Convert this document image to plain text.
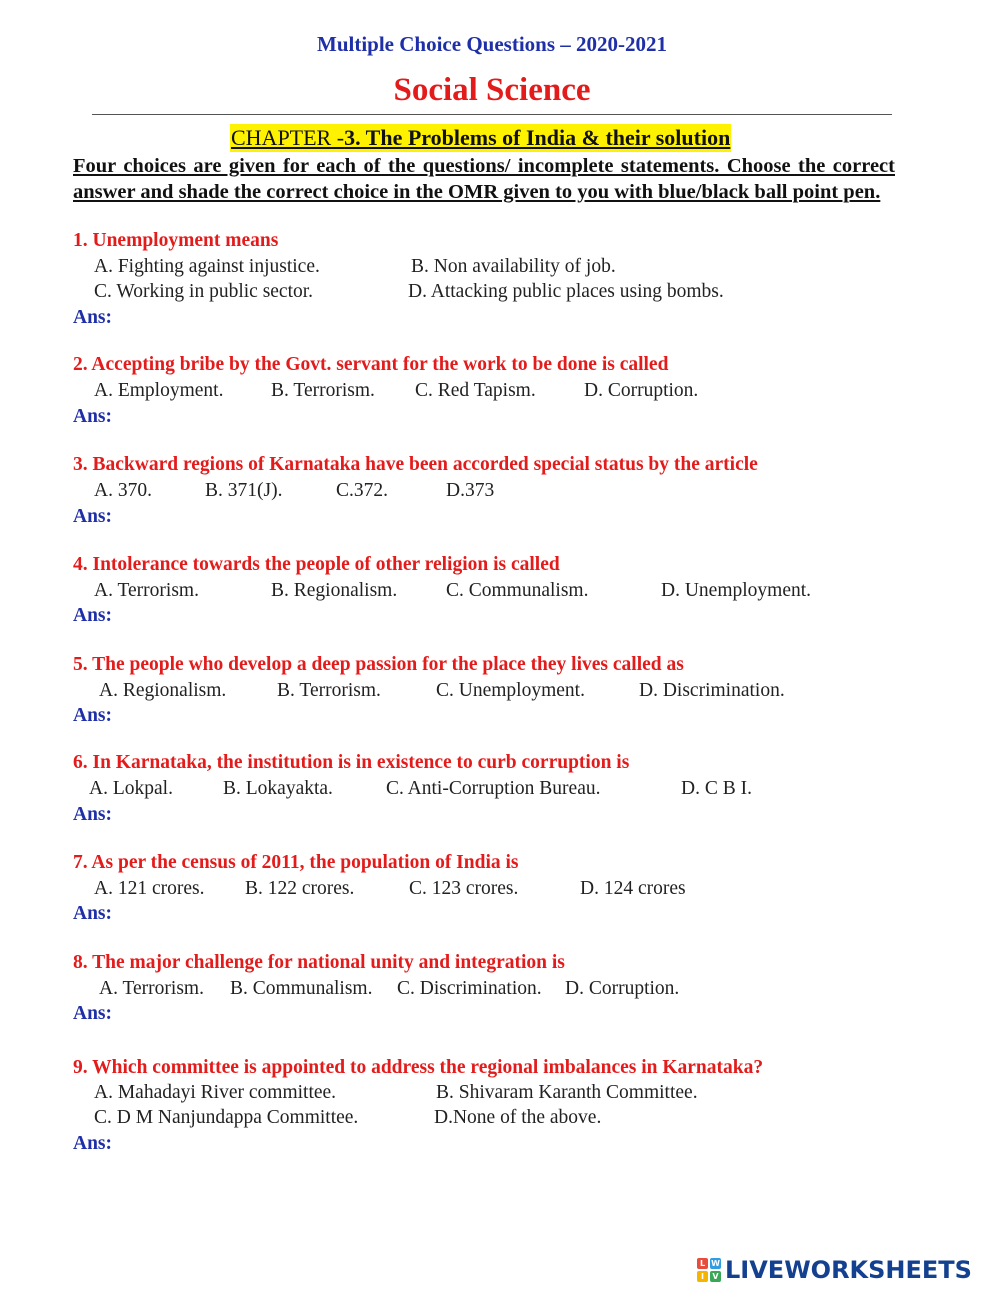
Multiple Choice Questions – 2020-2021
Social Science
CHAPTER -3. The Problems of India & their solution
Four choices are given for each of the questions/ incomplete statements. Choose the correct answer and shade the correct choice in the OMR given to you with blue/black ball point pen.
1. Unemployment means
A. Fighting against injustice.	B. Non availability of job.
C. Working in public sector.	D. Attacking public places using bombs.
Ans:
2. Accepting bribe by the Govt. servant for the work to be done is called
A. Employment. B. Terrorism. C. Red Tapism. D. Corruption.
Ans:
3. Backward regions of Karnataka have been accorded special status by the article
A. 370.	B. 371(J).	C.372.	D.373
Ans:
4. Intolerance towards the people of other religion is called
A. Terrorism.	B. Regionalism.	C. Communalism.	D. Unemployment.
Ans:
5. The people who develop a deep passion for the place they lives called as
A. Regionalism.	B. Terrorism.	C. Unemployment.	D. Discrimination.
Ans:
6. In Karnataka, the institution is in existence to curb corruption is
A. Lokpal.	B. Lokayakta.	C. Anti-Corruption Bureau.	D. C B I.
Ans:
7. As per the census of 2011, the population of India is
A. 121 crores. B. 122 crores.	C. 123 crores.	D. 124 crores
Ans:
8. The major challenge for national unity and integration is
A. Terrorism. B. Communalism. C. Discrimination. D. Corruption.
Ans:
9. Which committee is appointed to address the regional imbalances in Karnataka?
A. Mahadayi River committee.	B. Shivaram Karanth Committee.
C. D M Nanjundappa Committee.	D.None of the above.
Ans:
L W
I	V LIVEWORKSHEETS
